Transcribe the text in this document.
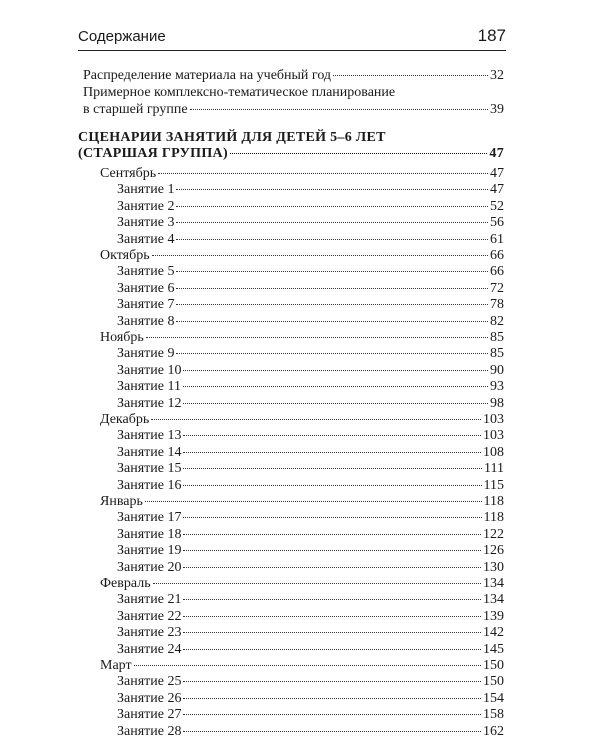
Содержание	187
Распределение материала на учебный год	32
Примерное комплексно-тематическое планирование
в старшей группе	39
СЦЕНАРИИ ЗАНЯТИЙ ДЛЯ ДЕТЕЙ 5–6 ЛЕТ
(СТАРШАЯ ГРУППА)	47
Сентябрь	47
Занятие 1	47
Занятие 2	52
Занятие 3	56
Занятие 4	61
Октябрь	66
Занятие 5	66
Занятие 6	72
Занятие 7	78
Занятие 8	82
Ноябрь	85
Занятие 9	85
Занятие 10	90
Занятие 11	93
Занятие 12	98
Декабрь	103
Занятие 13	103
Занятие 14	108
Занятие 15	111
Занятие 16	115
Январь	118
Занятие 17	118
Занятие 18	122
Занятие 19	126
Занятие 20	130
Февраль	134
Занятие 21	134
Занятие 22	139
Занятие 23	142
Занятие 24	145
Март	150
Занятие 25	150
Занятие 26	154
Занятие 27	158
Занятие 28	162
